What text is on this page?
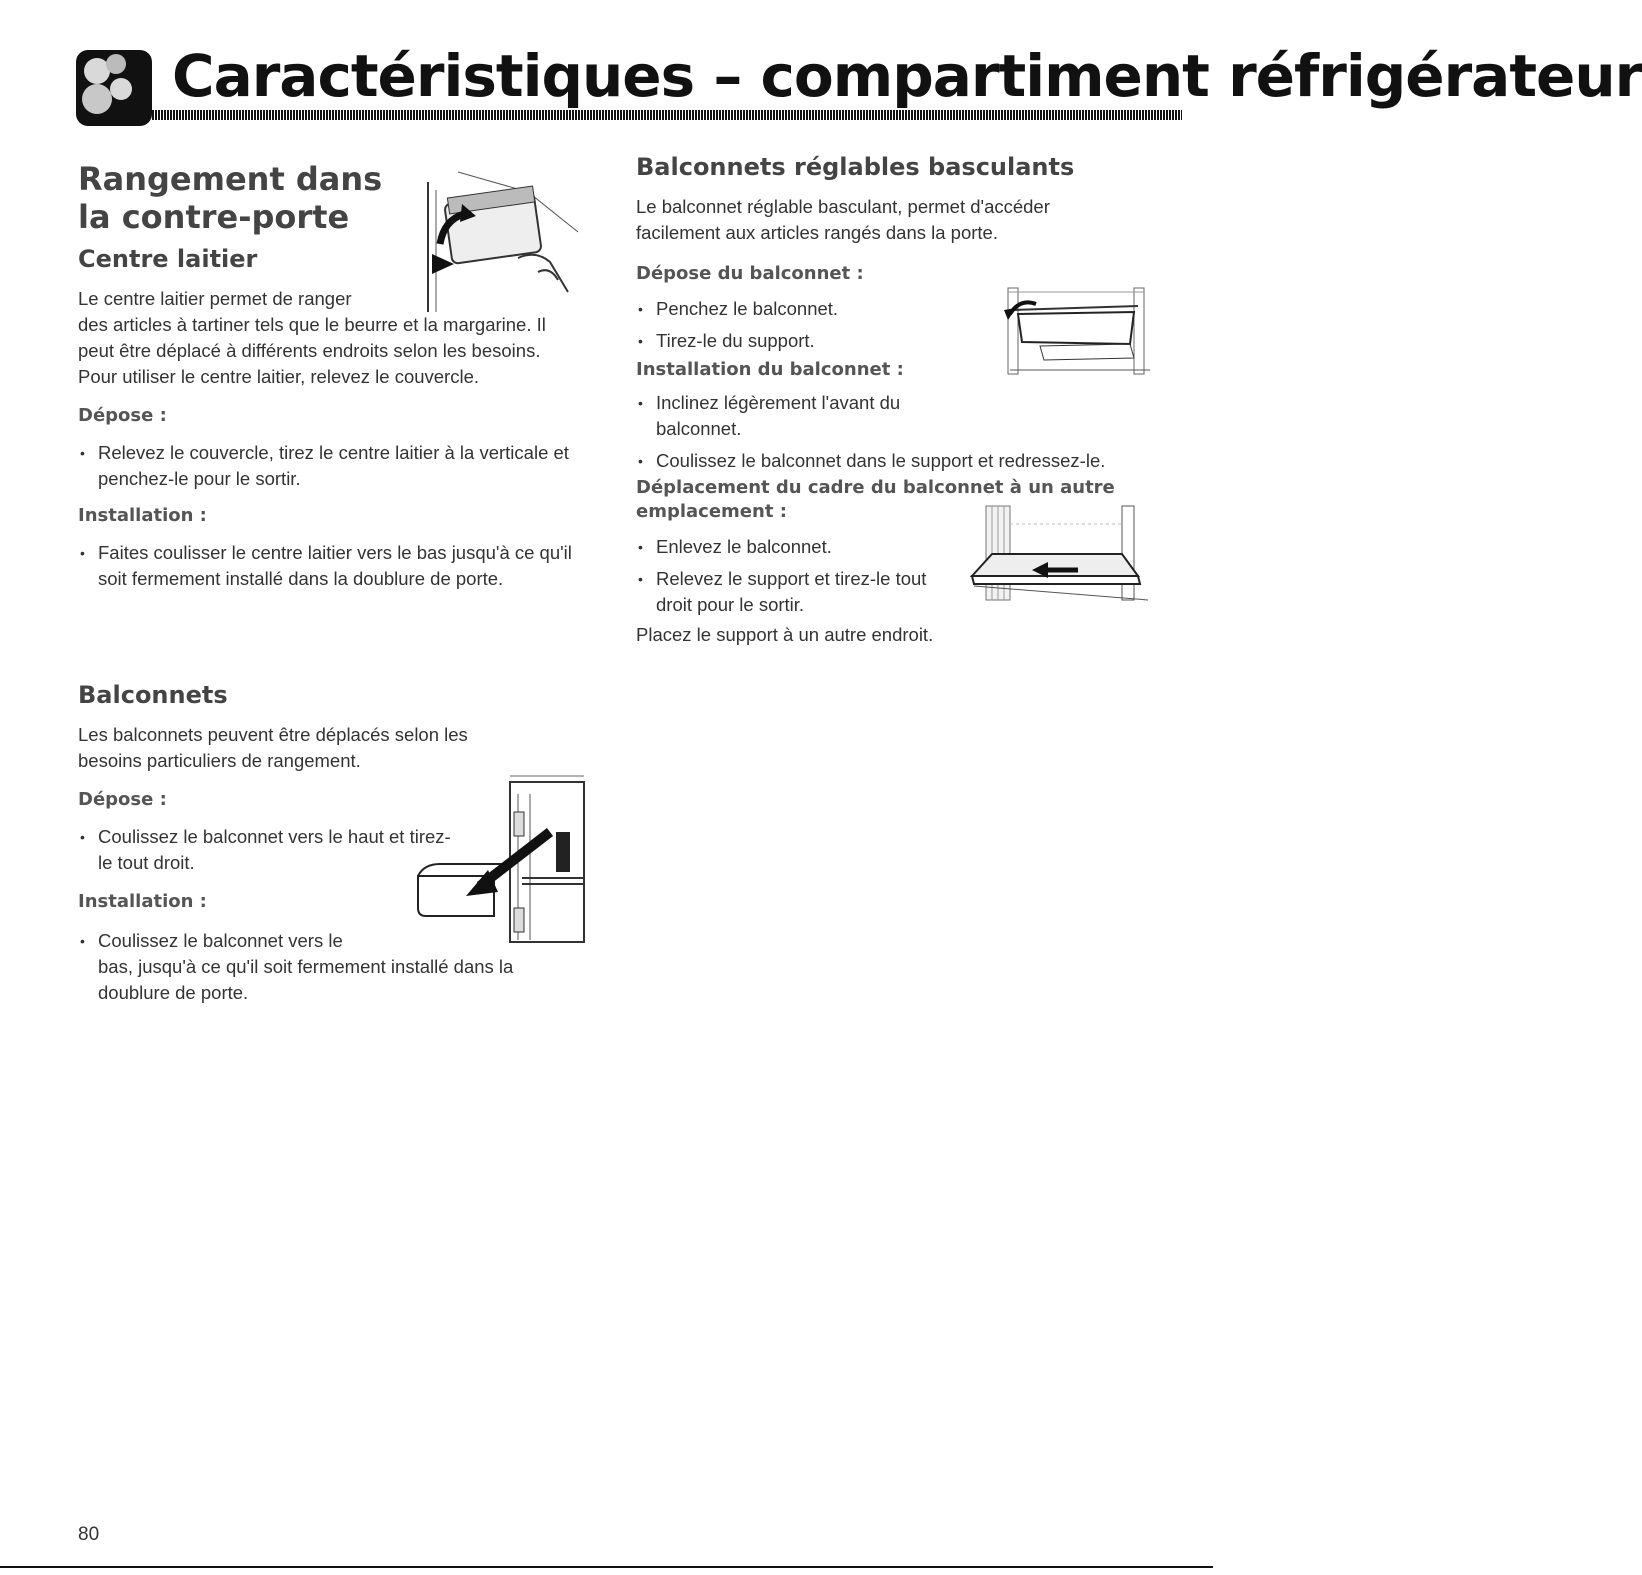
Caractéristiques – compartiment réfrigérateur
Rangement dans la contre-porte
Centre laitier

Le centre laitier permet de ranger

des articles à tartiner tels que le beurre et la margarine. Il peut être déplacé à différents endroits selon les besoins. Pour utiliser le centre laitier, relevez le couvercle.

Dépose :
• Relevez le couvercle, tirez le centre laitier à la verticale et penchez-le pour le sortir.
Installation :
• Faites coulisser le centre laitier vers le bas jusqu'à ce qu'il soit fermement installé dans la doublure de porte.
Balconnets

Les balconnets peuvent être déplacés selon les besoins particuliers de rangement.

Dépose :
• Coulissez le balconnet vers le haut et tirez-le tout droit.
Installation :
• Coulissez le balconnet vers le
bas, jusqu'à ce qu'il soit fermement installé dans la doublure de porte.
Balconnets réglables basculants

Le balconnet réglable basculant, permet d'accéder facilement aux articles rangés dans la porte.

Dépose du balconnet :
• Penchez le balconnet.
• Tirez-le du support.
Installation du balconnet :
• Inclinez légèrement l'avant du balconnet.
• Coulissez le balconnet dans le support et redressez-le.
Déplacement du cadre du balconnet à un autre emplacement :
• Enlevez le balconnet.
• Relevez le support et tirez-le tout droit pour le sortir.

Placez le support à un autre endroit.

80
